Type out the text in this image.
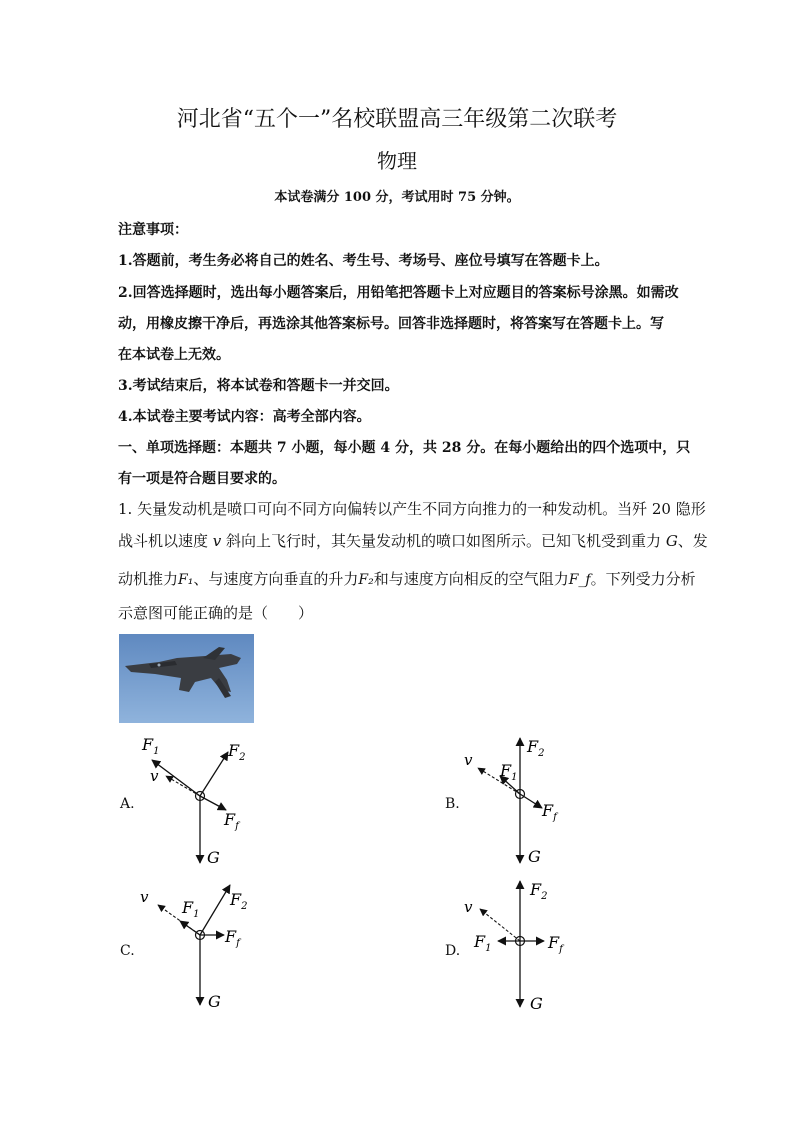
河北省“五个一”名校联盟高三年级第二次联考
物理
本试卷满分 100 分，考试用时 75 分钟。
注意事项：
1.答题前，考生务必将自己的姓名、考生号、考场号、座位号填写在答题卡上。
2.回答选择题时，选出每小题答案后，用铅笔把答题卡上对应题目的答案标号涂黑。如需改
动，用橡皮擦干净后，再选涂其他答案标号。回答非选择题时，将答案写在答题卡上。写
在本试卷上无效。
3.考试结束后，将本试卷和答题卡一并交回。
4.本试卷主要考试内容：高考全部内容。
一、单项选择题：本题共 7 小题，每小题 4 分，共 28 分。在每小题给出的四个选项中，只
有一项是符合题目要求的。
1. 矢量发动机是喷口可向不同方向偏转以产生不同方向推力的一种发动机。当歼 20 隐形
战斗机以速度 v 斜向上飞行时，其矢量发动机的喷口如图所示。已知飞机受到重力 G、发
动机推力F₁、与速度方向垂直的升力F₂和与速度方向相反的空气阻力F_f。下列受力分析
示意图可能正确的是（　　）
A.	B.
C.	D.
$F_1$	$F_2$
v
$F_f$
G
$F_2$
$F_1$
v
$F_f$
G
$F_2$
$F_1$
v
$F_f$
G
$F_2$
$F_1$
v
$F_f$
G
